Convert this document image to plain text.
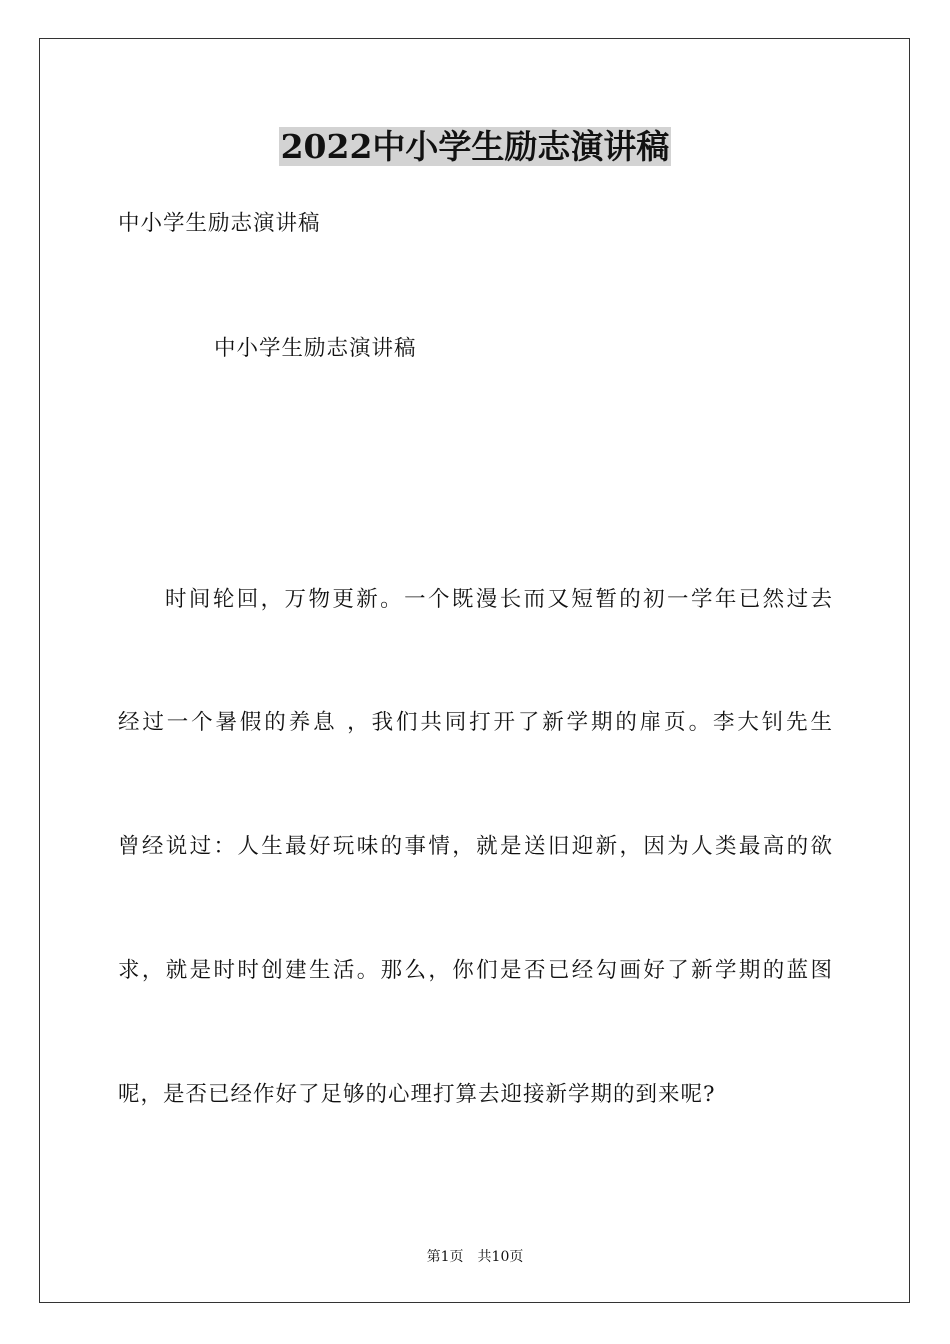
2022中小学生励志演讲稿

中小学生励志演讲稿

中小学生励志演讲稿

时间轮回，万物更新。一个既漫长而又短暂的初一学年已然过去

经过一个暑假的养息 ，我们共同打开了新学期的扉页。李大钊先生

曾经说过：人生最好玩味的事情，就是送旧迎新，因为人类最高的欲

求，就是时时创建生活。那么，你们是否已经勾画好了新学期的蓝图

呢，是否已经作好了足够的心理打算去迎接新学期的到来呢?

第1页　共10页
